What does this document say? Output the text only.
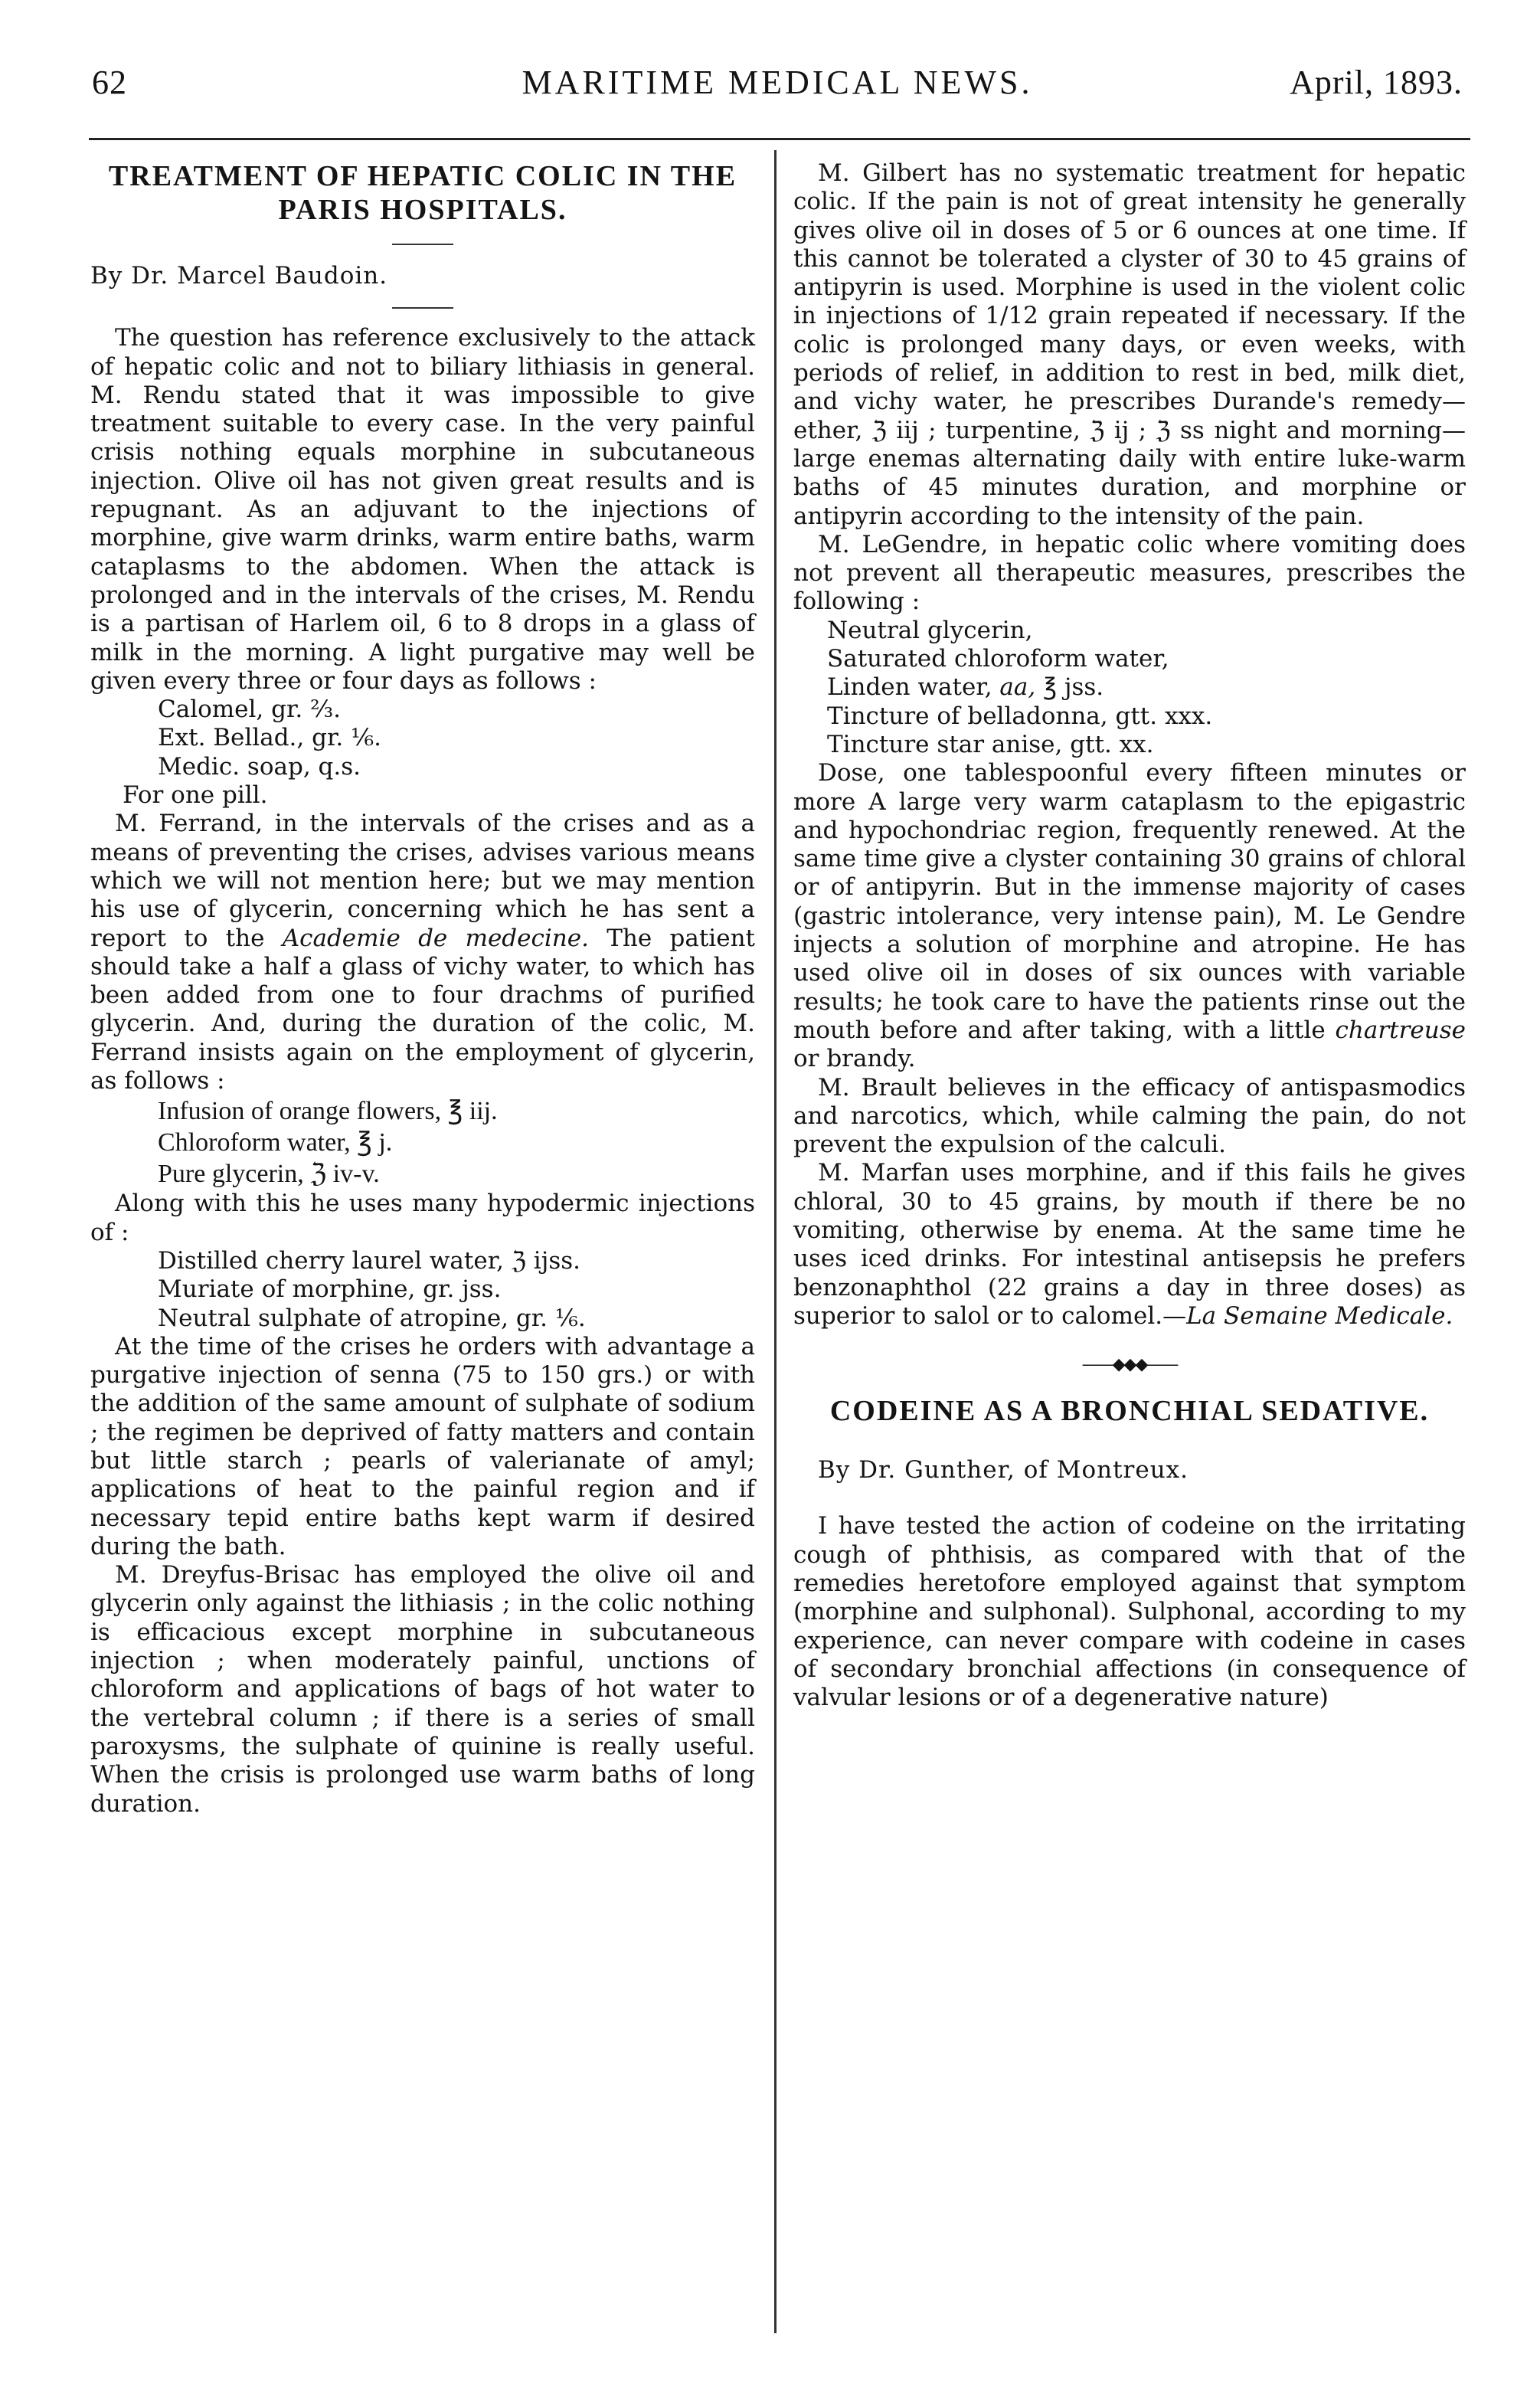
62	MARITIME MEDICAL NEWS.	April, 1893.
TREATMENT OF HEPATIC COLIC IN THE PARIS HOSPITALS.

By Dr. Marcel Baudoin.

The question has reference exclusively to the attack of hepatic colic and not to biliary lithiasis in general. M. Rendu stated that it was impossible to give treatment suitable to every case. In the very painful crisis nothing equals morphine in subcutaneous injection. Olive oil has not given great results and is repugnant. As an adjuvant to the injections of morphine, give warm drinks, warm entire baths, warm cataplasms to the abdomen. When the attack is prolonged and in the intervals of the crises, M. Rendu is a partisan of Harlem oil, 6 to 8 drops in a glass of milk in the morning. A light purgative may well be given every three or four days as follows :

Calomel, gr. ⅔.
Ext. Bellad., gr. ⅙.
Medic. soap, q.s.
For one pill.

M. Ferrand, in the intervals of the crises and as a means of preventing the crises, advises various means which we will not mention here; but we may mention his use of glycerin, concerning which he has sent a report to the Academie de medecine. The patient should take a half a glass of vichy water, to which has been added from one to four drachms of purified glycerin. And, during the duration of the colic, M. Ferrand insists again on the employment of glycerin, as follows :

Infusion of orange flowers, ℥ iij.
Chloroform water, ℥ j.
Pure glycerin, ℨ iv-v.

Along with this he uses many hypodermic injections of :

Distilled cherry laurel water, ℨ ijss.
Muriate of morphine, gr. jss.
Neutral sulphate of atropine, gr. ⅙.

At the time of the crises he orders with advantage a purgative injection of senna (75 to 150 grs.) or with the addition of the same amount of sulphate of sodium ; the regimen be deprived of fatty matters and contain but little starch ; pearls of valerianate of amyl; applications of heat to the painful region and if necessary tepid entire baths kept warm if desired during the bath.

M. Dreyfus-Brisac has employed the olive oil and glycerin only against the lithiasis ; in the colic nothing is efficacious except morphine in subcutaneous injection ; when moderately painful, unctions of chloroform and applications of bags of hot water to the vertebral column ; if there is a series of small paroxysms, the sulphate of quinine is really useful. When the crisis is prolonged use warm baths of long duration.

M. Gilbert has no systematic treatment for hepatic colic. If the pain is not of great intensity he generally gives olive oil in doses of 5 or 6 ounces at one time. If this cannot be tolerated a clyster of 30 to 45 grains of antipyrin is used. Morphine is used in the violent colic in injections of 1/12 grain repeated if necessary. If the colic is prolonged many days, or even weeks, with periods of relief, in addition to rest in bed, milk diet, and vichy water, he prescribes Durande's remedy—ether, ℨ iij ; turpentine, ℨ ij ; ℨ ss night and morning—large enemas alternating daily with entire luke-warm baths of 45 minutes duration, and morphine or antipyrin according to the intensity of the pain.

M. LeGendre, in hepatic colic where vomiting does not prevent all therapeutic measures, prescribes the following :

Neutral glycerin,
Saturated chloroform water,
Linden water, aa, ℥ jss.
Tincture of belladonna, gtt. xxx.
Tincture star anise, gtt. xx.

Dose, one tablespoonful every fifteen minutes or more A large very warm cataplasm to the epigastric and hypochondriac region, frequently renewed. At the same time give a clyster containing 30 grains of chloral or of antipyrin. But in the immense majority of cases (gastric intolerance, very intense pain), M. Le Gendre injects a solution of morphine and atropine. He has used olive oil in doses of six ounces with variable results; he took care to have the patients rinse out the mouth before and after taking, with a little chartreuse or brandy.

M. Brault believes in the efficacy of antispasmodics and narcotics, which, while calming the pain, do not prevent the expulsion of the calculi.

M. Marfan uses morphine, and if this fails he gives chloral, 30 to 45 grains, by mouth if there be no vomiting, otherwise by enema. At the same time he uses iced drinks. For intestinal antisepsis he prefers benzonaphthol (22 grains a day in three doses) as superior to salol or to calomel.—La Semaine Medicale.

——◆◆◆——
CODEINE AS A BRONCHIAL SEDATIVE.

By Dr. Gunther, of Montreux.

I have tested the action of codeine on the irritating cough of phthisis, as compared with that of the remedies heretofore employed against that symptom (morphine and sulphonal). Sulphonal, according to my experience, can never compare with codeine in cases of secondary bronchial affections (in consequence of valvular lesions or of a degenerative nature)
